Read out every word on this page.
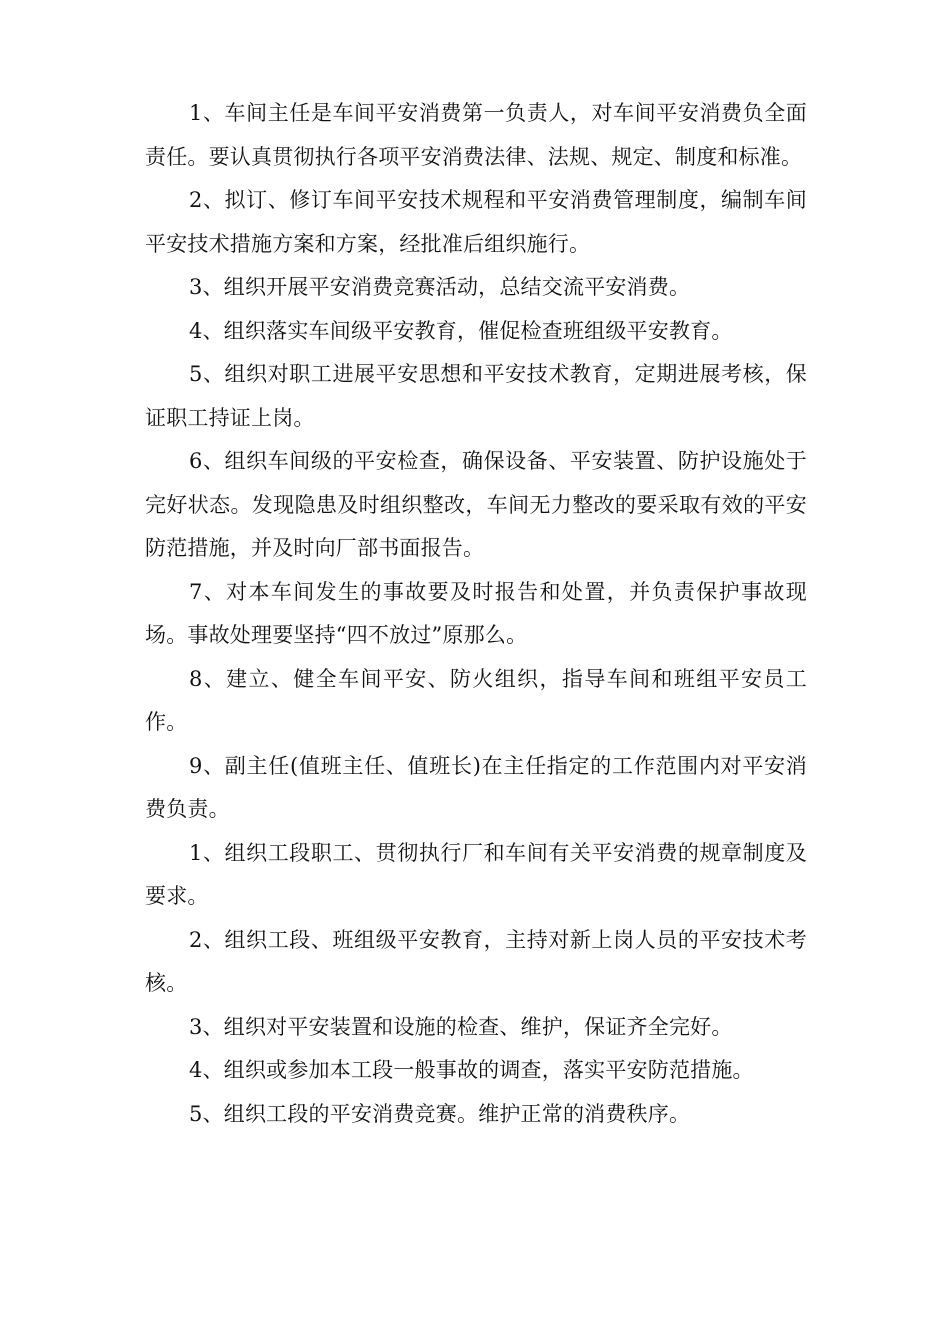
1、车间主任是车间平安消费第一负责人，对车间平安消费负全面责任。要认真贯彻执行各项平安消费法律、法规、规定、制度和标准。

2、拟订、修订车间平安技术规程和平安消费管理制度，编制车间平安技术措施方案和方案，经批准后组织施行。

3、组织开展平安消费竞赛活动，总结交流平安消费。

4、组织落实车间级平安教育，催促检查班组级平安教育。

5、组织对职工进展平安思想和平安技术教育，定期进展考核，保证职工持证上岗。

6、组织车间级的平安检查，确保设备、平安装置、防护设施处于完好状态。发现隐患及时组织整改，车间无力整改的要采取有效的平安防范措施，并及时向厂部书面报告。

7、对本车间发生的事故要及时报告和处置，并负责保护事故现场。事故处理要坚持“四不放过”原那么。

8、建立、健全车间平安、防火组织，指导车间和班组平安员工作。

9、副主任(值班主任、值班长)在主任指定的工作范围内对平安消费负责。

1、组织工段职工、贯彻执行厂和车间有关平安消费的规章制度及要求。

2、组织工段、班组级平安教育，主持对新上岗人员的平安技术考核。

3、组织对平安装置和设施的检查、维护，保证齐全完好。

4、组织或参加本工段一般事故的调查，落实平安防范措施。

5、组织工段的平安消费竞赛。维护正常的消费秩序。
